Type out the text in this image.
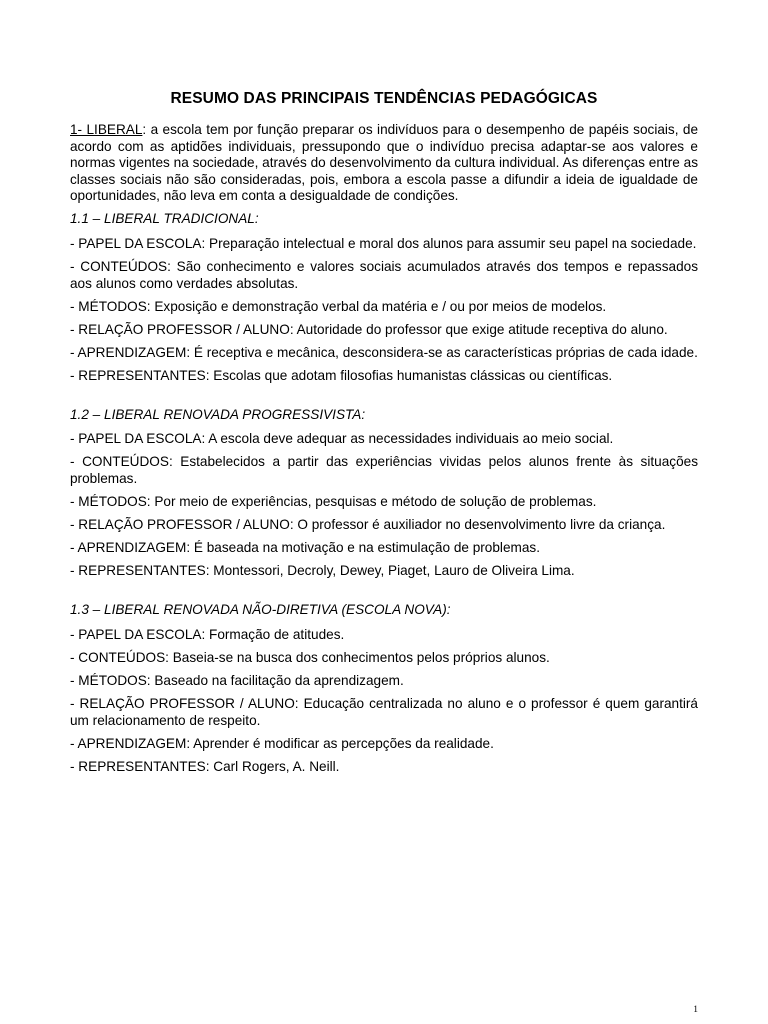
RESUMO DAS PRINCIPAIS TENDÊNCIAS PEDAGÓGICAS

1- LIBERAL: a escola tem por função preparar os indivíduos para o desempenho de papéis sociais, de acordo com as aptidões individuais, pressupondo que o indivíduo precisa adaptar-se aos valores e normas vigentes na sociedade, através do desenvolvimento da cultura individual. As diferenças entre as classes sociais não são consideradas, pois, embora a escola passe a difundir a ideia de igualdade de oportunidades, não leva em conta a desigualdade de condições.

1.1 – LIBERAL TRADICIONAL:

- PAPEL DA ESCOLA: Preparação intelectual e moral dos alunos para assumir seu papel na sociedade.

- CONTEÚDOS: São conhecimento e valores sociais acumulados através dos tempos e repassados aos alunos como verdades absolutas.

- MÉTODOS: Exposição e demonstração verbal da matéria e / ou por meios de modelos.

- RELAÇÃO PROFESSOR / ALUNO: Autoridade do professor que exige atitude receptiva do aluno.

- APRENDIZAGEM: É receptiva e mecânica, desconsidera-se as características próprias de cada idade.

- REPRESENTANTES: Escolas que adotam filosofias humanistas clássicas ou científicas.

1.2 – LIBERAL RENOVADA PROGRESSIVISTA:

- PAPEL DA ESCOLA: A escola deve adequar as necessidades individuais ao meio social.

- CONTEÚDOS: Estabelecidos a partir das experiências vividas pelos alunos frente às situações problemas.

- MÉTODOS: Por meio de experiências, pesquisas e método de solução de problemas.

- RELAÇÃO PROFESSOR / ALUNO: O professor é auxiliador no desenvolvimento livre da criança.

- APRENDIZAGEM: É baseada na motivação e na estimulação de problemas.

- REPRESENTANTES: Montessori, Decroly, Dewey, Piaget, Lauro de Oliveira Lima.

1.3 – LIBERAL RENOVADA NÃO-DIRETIVA (ESCOLA NOVA):

- PAPEL DA ESCOLA: Formação de atitudes.

- CONTEÚDOS: Baseia-se na busca dos conhecimentos pelos próprios alunos.

- MÉTODOS: Baseado na facilitação da aprendizagem.

- RELAÇÃO PROFESSOR / ALUNO: Educação centralizada no aluno e o professor é quem garantirá um relacionamento de respeito.

- APRENDIZAGEM: Aprender é modificar as percepções da realidade.

- REPRESENTANTES: Carl Rogers, A. Neill.

1
